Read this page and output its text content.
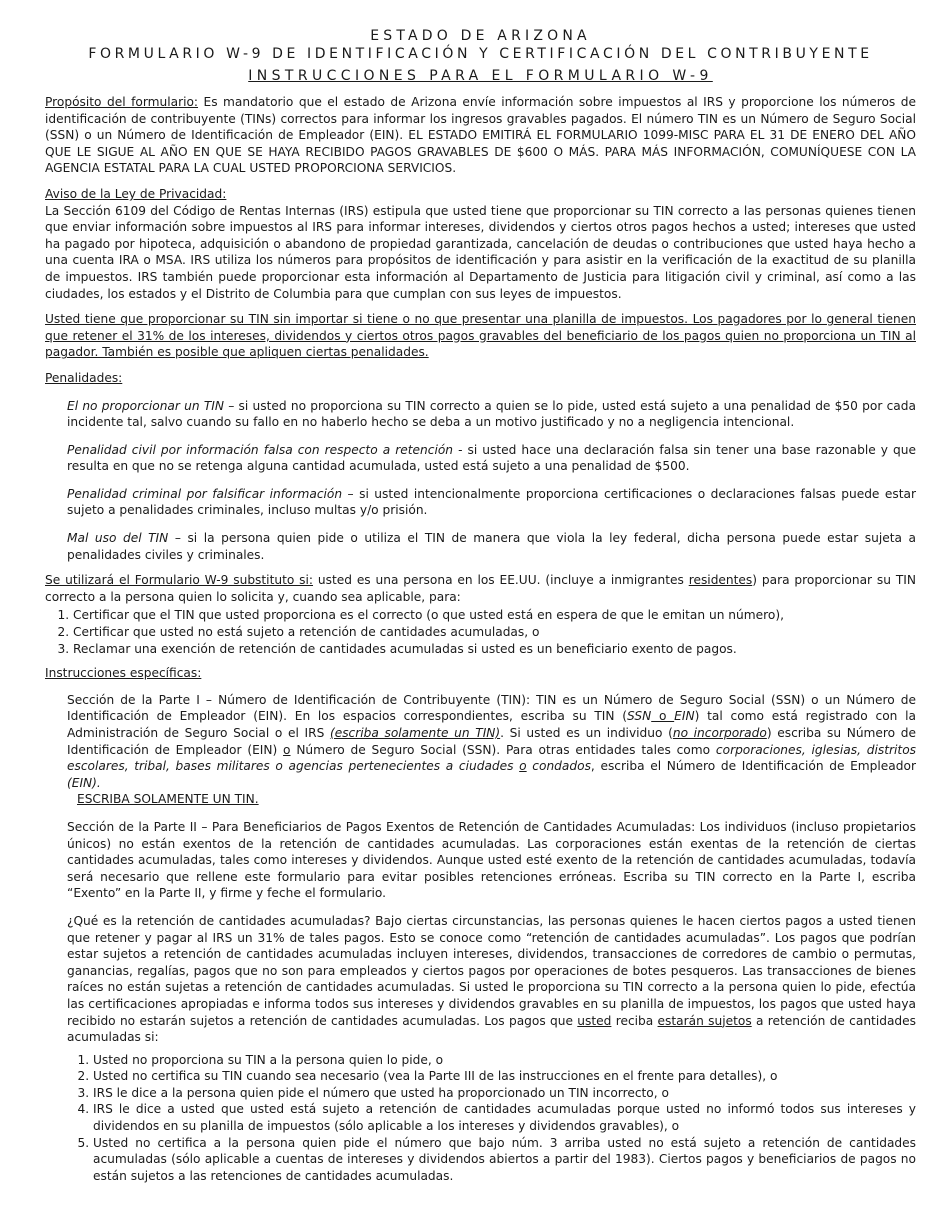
ESTADO DE ARIZONA
FORMULARIO W-9 DE IDENTIFICACIÓN Y CERTIFICACIÓN DEL CONTRIBUYENTE
INSTRUCCIONES PARA EL FORMULARIO W-9

Propósito del formulario: Es mandatorio que el estado de Arizona envíe información sobre impuestos al IRS y proporcione los números de identificación de contribuyente (TINs) correctos para informar los ingresos gravables pagados. El número TIN es un Número de Seguro Social (SSN) o un Número de Identificación de Empleador (EIN). EL ESTADO EMITIRÁ EL FORMULARIO 1099-MISC PARA EL 31 DE ENERO DEL AÑO QUE LE SIGUE AL AÑO EN QUE SE HAYA RECIBIDO PAGOS GRAVABLES DE $600 O MÁS. PARA MÁS INFORMACIÓN, COMUNÍQUESE CON LA AGENCIA ESTATAL PARA LA CUAL USTED PROPORCIONA SERVICIOS.

Aviso de la Ley de Privacidad:

La Sección 6109 del Código de Rentas Internas (IRS) estipula que usted tiene que proporcionar su TIN correcto a las personas quienes tienen que enviar información sobre impuestos al IRS para informar intereses, dividendos y ciertos otros pagos hechos a usted; intereses que usted ha pagado por hipoteca, adquisición o abandono de propiedad garantizada, cancelación de deudas o contribuciones que usted haya hecho a una cuenta IRA o MSA. IRS utiliza los números para propósitos de identificación y para asistir en la verificación de la exactitud de su planilla de impuestos. IRS también puede proporcionar esta información al Departamento de Justicia para litigación civil y criminal, así como a las ciudades, los estados y el Distrito de Columbia para que cumplan con sus leyes de impuestos.

Usted tiene que proporcionar su TIN sin importar si tiene o no que presentar una planilla de impuestos. Los pagadores por lo general tienen que retener el 31% de los intereses, dividendos y ciertos otros pagos gravables del beneficiario de los pagos quien no proporciona un TIN al pagador. También es posible que apliquen ciertas penalidades.

Penalidades:

El no proporcionar un TIN – si usted no proporciona su TIN correcto a quien se lo pide, usted está sujeto a una penalidad de $50 por cada incidente tal, salvo cuando su fallo en no haberlo hecho se deba a un motivo justificado y no a negligencia intencional.

Penalidad civil por información falsa con respecto a retención - si usted hace una declaración falsa sin tener una base razonable y que resulta en que no se retenga alguna cantidad acumulada, usted está sujeto a una penalidad de $500.

Penalidad criminal por falsificar información – si usted intencionalmente proporciona certificaciones o declaraciones falsas puede estar sujeto a penalidades criminales, incluso multas y/o prisión.

Mal uso del TIN – si la persona quien pide o utiliza el TIN de manera que viola la ley federal, dicha persona puede estar sujeta a penalidades civiles y criminales.

Se utilizará el Formulario W-9 substituto si: usted es una persona en los EE.UU. (incluye a inmigrantes residentes) para proporcionar su TIN correcto a la persona quien lo solicita y, cuando sea aplicable, para:

1. Certificar que el TIN que usted proporciona es el correcto (o que usted está en espera de que le emitan un número),
2. Certificar que usted no está sujeto a retención de cantidades acumuladas, o
3. Reclamar una exención de retención de cantidades acumuladas si usted es un beneficiario exento de pagos.

Instrucciones específicas:

Sección de la Parte I – Número de Identificación de Contribuyente (TIN): TIN es un Número de Seguro Social (SSN) o un Número de Identificación de Empleador (EIN). En los espacios correspondientes, escriba su TIN (SSN o EIN) tal como está registrado con la Administración de Seguro Social o el IRS (escriba solamente un TIN). Si usted es un individuo (no incorporado) escriba su Número de Identificación de Empleador (EIN) o Número de Seguro Social (SSN). Para otras entidades tales como corporaciones, iglesias, distritos escolares, tribal, bases militares o agencias pertenecientes a ciudades o condados, escriba el Número de Identificación de Empleador (EIN).
ESCRIBA SOLAMENTE UN TIN.

Sección de la Parte II – Para Beneficiarios de Pagos Exentos de Retención de Cantidades Acumuladas: Los individuos (incluso propietarios únicos) no están exentos de la retención de cantidades acumuladas. Las corporaciones están exentas de la retención de ciertas cantidades acumuladas, tales como intereses y dividendos. Aunque usted esté exento de la retención de cantidades acumuladas, todavía será necesario que rellene este formulario para evitar posibles retenciones erróneas. Escriba su TIN correcto en la Parte I, escriba “Exento” en la Parte II, y firme y feche el formulario.

¿Qué es la retención de cantidades acumuladas? Bajo ciertas circunstancias, las personas quienes le hacen ciertos pagos a usted tienen que retener y pagar al IRS un 31% de tales pagos. Esto se conoce como “retención de cantidades acumuladas”. Los pagos que podrían estar sujetos a retención de cantidades acumuladas incluyen intereses, dividendos, transacciones de corredores de cambio o permutas, ganancias, regalías, pagos que no son para empleados y ciertos pagos por operaciones de botes pesqueros. Las transacciones de bienes raíces no están sujetas a retención de cantidades acumuladas. Si usted le proporciona su TIN correcto a la persona quien lo pide, efectúa las certificaciones apropiadas e informa todos sus intereses y dividendos gravables en su planilla de impuestos, los pagos que usted haya recibido no estarán sujetos a retención de cantidades acumuladas. Los pagos que usted reciba estarán sujetos a retención de cantidades acumuladas si:

1. Usted no proporciona su TIN a la persona quien lo pide, o
2. Usted no certifica su TIN cuando sea necesario (vea la Parte III de las instrucciones en el frente para detalles), o
3. IRS le dice a la persona quien pide el número que usted ha proporcionado un TIN incorrecto, o
4. IRS le dice a usted que usted está sujeto a retención de cantidades acumuladas porque usted no informó todos sus intereses y dividendos en su planilla de impuestos (sólo aplicable a los intereses y dividendos gravables), o
5. Usted no certifica a la persona quien pide el número que bajo núm. 3 arriba usted no está sujeto a retención de cantidades acumuladas (sólo aplicable a cuentas de intereses y dividendos abiertos a partir del 1983). Ciertos pagos y beneficiarios de pagos no están sujetos a las retenciones de cantidades acumuladas.
